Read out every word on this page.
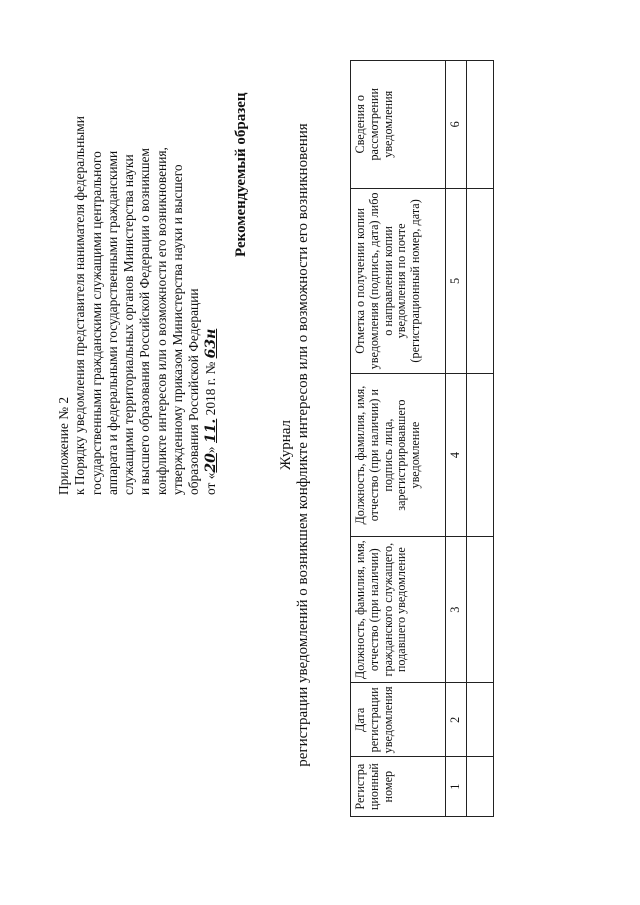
Приложение № 2 к Порядку уведомления представителя нанимателя федеральными государственными гражданскими служащими центрального аппарата и федеральными государственными гражданскими служащими территориальных органов Министерства науки и высшего образования Российской Федерации о возникшем конфликте интересов или о возможности его возникновения, утвержденному приказом Министерства науки и высшего образования Российской Федерации от «20» 11. 2018 г. № 63н
Рекомендуемый образец
Журнал регистрации уведомлений о возникшем конфликте интересов или о возможности его возникновения
Регистра ционный номер	Дата регистрации уведомления	Должность, фамилия, имя, отчество (при наличии) гражданского служащего, подавшего уведомление	Должность, фамилия, имя, отчество (при наличии) и подпись лица, зарегистрировавшего уведомление	Отметка о получении копии уведомления (подпись, дата) либо о направлении копии уведомления по почте (регистрационный номер, дата)	Сведения о рассмотрении уведомления
1	2	3	4	5	6
